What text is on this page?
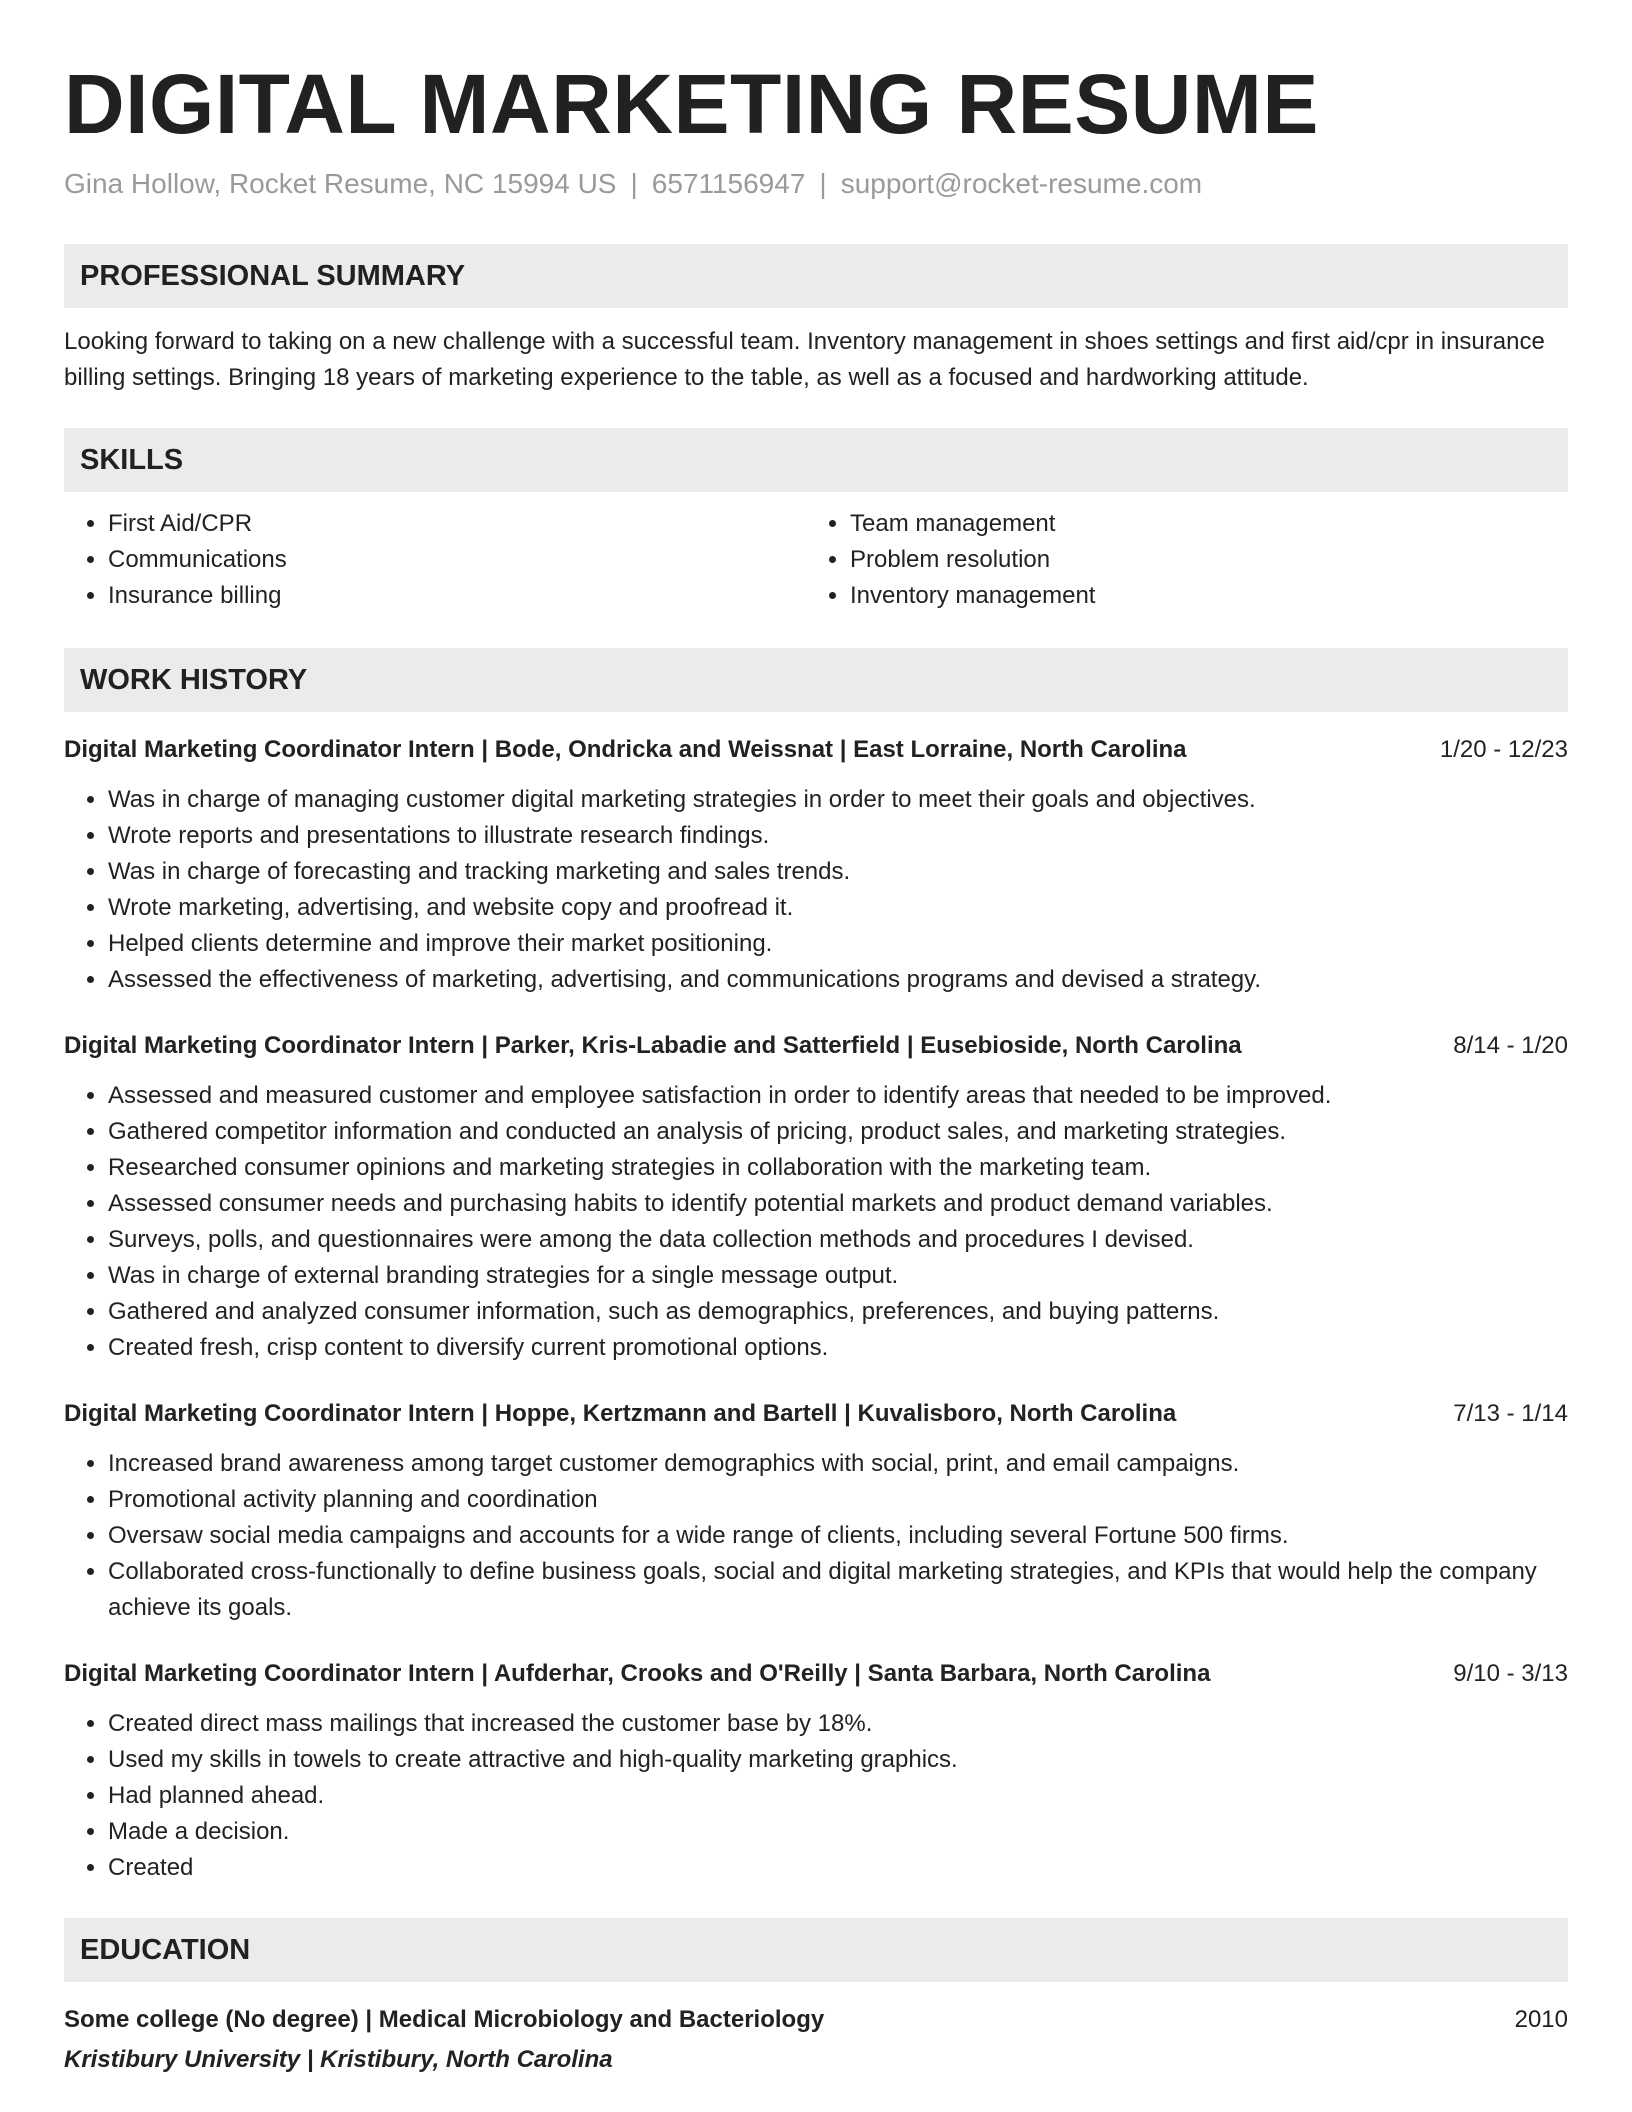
DIGITAL MARKETING RESUME
Gina Hollow, Rocket Resume, NC 15994 US | 6571156947 | support@rocket-resume.com
PROFESSIONAL SUMMARY

Looking forward to taking on a new challenge with a successful team. Inventory management in shoes settings and first aid/cpr in insurance billing settings. Bringing 18 years of marketing experience to the table, as well as a focused and hardworking attitude.

SKILLS
• First Aid/CPR
• Communications
• Insurance billing
• Team management
• Problem resolution
• Inventory management
WORK HISTORY
Digital Marketing Coordinator Intern | Bode, Ondricka and Weissnat | East Lorraine, North Carolina	1/20 - 12/23
• Was in charge of managing customer digital marketing strategies in order to meet their goals and objectives.
• Wrote reports and presentations to illustrate research findings.
• Was in charge of forecasting and tracking marketing and sales trends.
• Wrote marketing, advertising, and website copy and proofread it.
• Helped clients determine and improve their market positioning.
• Assessed the effectiveness of marketing, advertising, and communications programs and devised a strategy.
Digital Marketing Coordinator Intern | Parker, Kris-Labadie and Satterfield | Eusebioside, North Carolina	8/14 - 1/20
• Assessed and measured customer and employee satisfaction in order to identify areas that needed to be improved.
• Gathered competitor information and conducted an analysis of pricing, product sales, and marketing strategies.
• Researched consumer opinions and marketing strategies in collaboration with the marketing team.
• Assessed consumer needs and purchasing habits to identify potential markets and product demand variables.
• Surveys, polls, and questionnaires were among the data collection methods and procedures I devised.
• Was in charge of external branding strategies for a single message output.
• Gathered and analyzed consumer information, such as demographics, preferences, and buying patterns.
• Created fresh, crisp content to diversify current promotional options.
Digital Marketing Coordinator Intern | Hoppe, Kertzmann and Bartell | Kuvalisboro, North Carolina	7/13 - 1/14
• Increased brand awareness among target customer demographics with social, print, and email campaigns.
• Promotional activity planning and coordination
• Oversaw social media campaigns and accounts for a wide range of clients, including several Fortune 500 firms.
• Collaborated cross-functionally to define business goals, social and digital marketing strategies, and KPIs that would help the company achieve its goals.
Digital Marketing Coordinator Intern | Aufderhar, Crooks and O'Reilly | Santa Barbara, North Carolina	9/10 - 3/13
• Created direct mass mailings that increased the customer base by 18%.
• Used my skills in towels to create attractive and high-quality marketing graphics.
• Had planned ahead.
• Made a decision.
• Created
EDUCATION
Some college (No degree) | Medical Microbiology and Bacteriology	2010
Kristibury University | Kristibury, North Carolina
